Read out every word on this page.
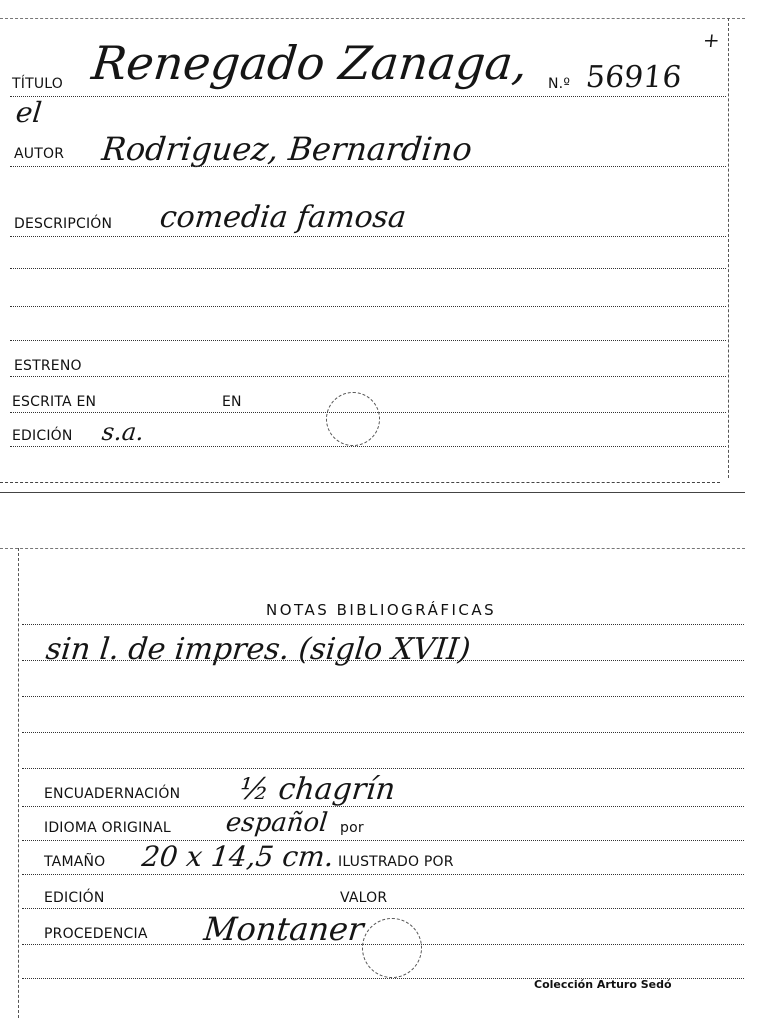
+
TÍTULO Renegado Zanaga,
el
N.º 56916
AUTOR Rodriguez, Bernardino
DESCRIPCIÓN comedia famosa
ESTRENO
ESCRITA EN	EN
EDICIÓN s.a.
NOTAS BIBLIOGRÁFICAS
sin l. de impres. (siglo XVII)
ENCUADERNACIÓN ½ chagrín
IDIOMA ORIGINAL español por
TAMAÑO 20 x 14,5 cm. ILUSTRADO POR
EDICIÓN	VALOR
PROCEDENCIA Montaner
Colección Arturo Sedó
